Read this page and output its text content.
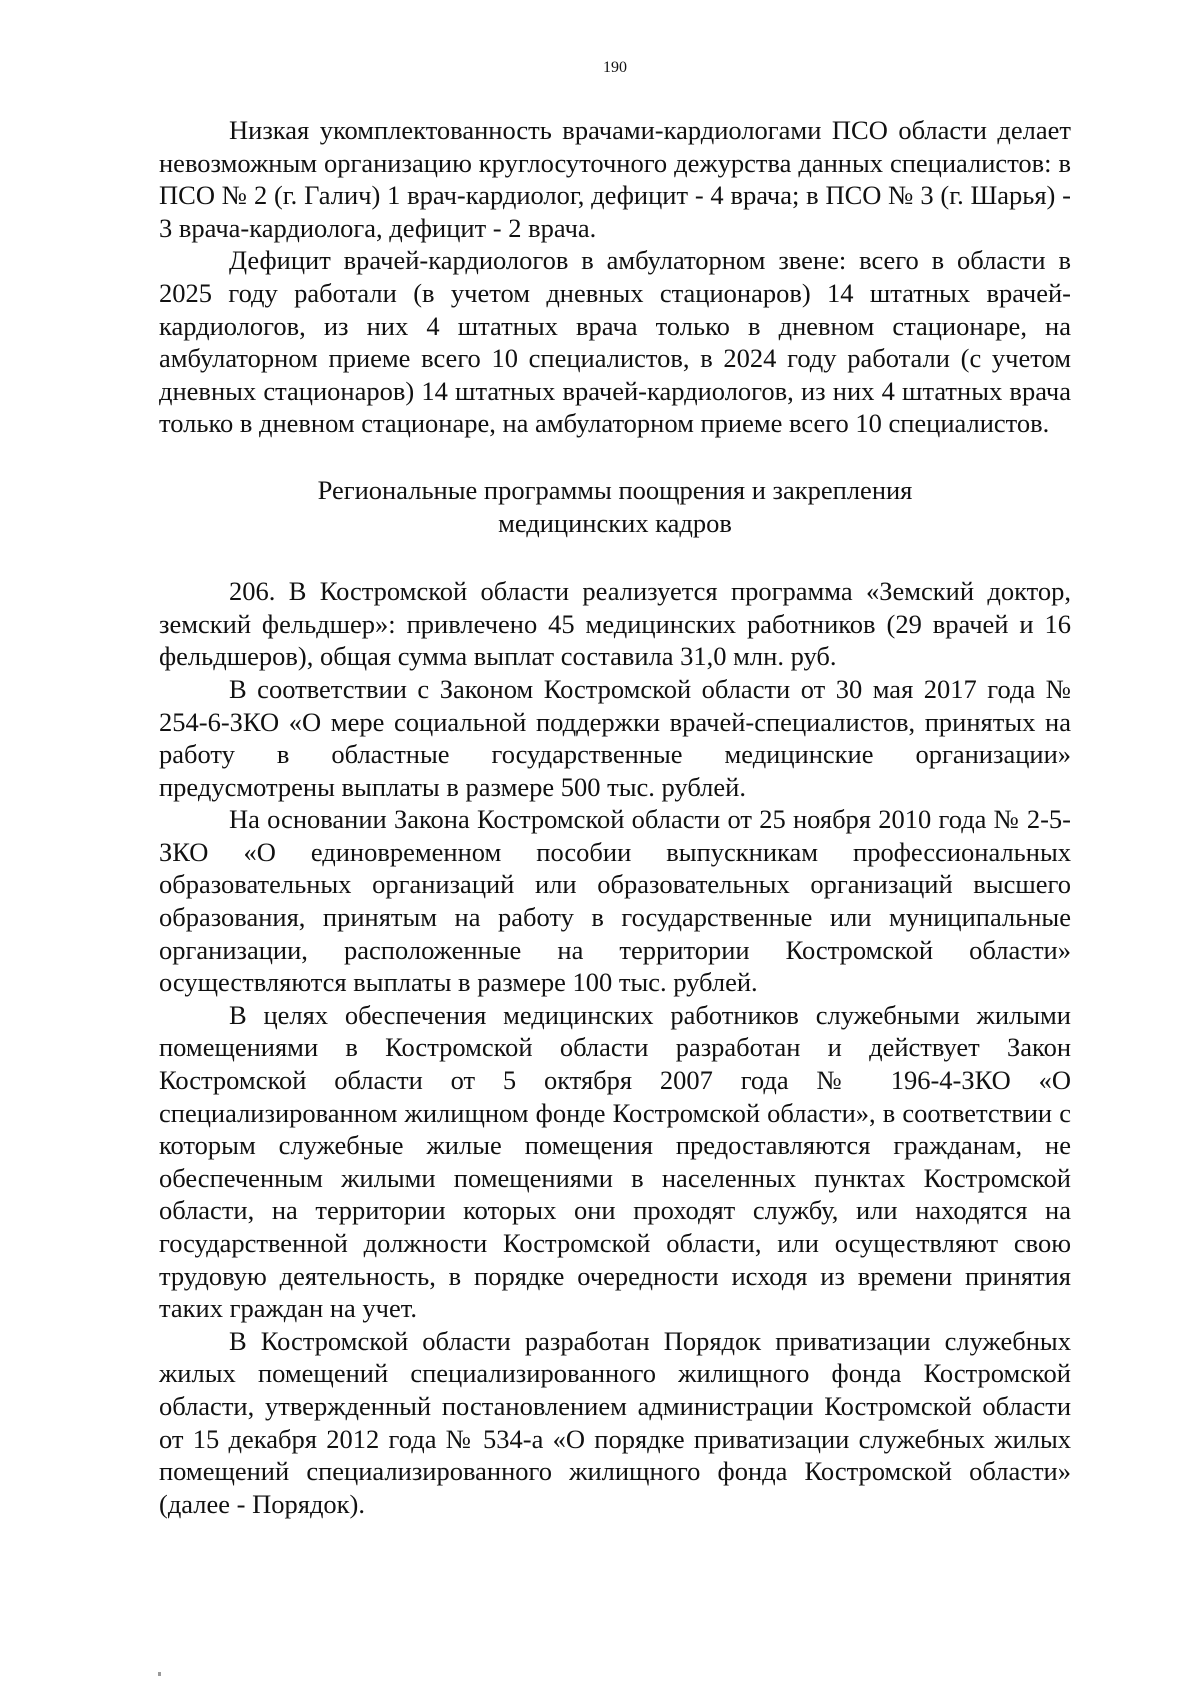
190

Низкая укомплектованность врачами-кардиологами ПСО области делает невозможным организацию круглосуточного дежурства данных специалистов: в ПСО № 2 (г. Галич) 1 врач-кардиолог, дефицит - 4 врача; в ПСО № 3 (г. Шарья) - 3 врача-кардиолога, дефицит - 2 врача.

Дефицит врачей-кардиологов в амбулаторном звене: всего в области в 2025 году работали (в учетом дневных стационаров) 14 штатных врачей-кардиологов, из них 4 штатных врача только в дневном стационаре, на амбулаторном приеме всего 10 специалистов, в 2024 году работали (с учетом дневных стационаров) 14 штатных врачей-кардиологов, из них 4 штатных врача только в дневном стационаре, на амбулаторном приеме всего 10 специалистов.

Региональные программы поощрения и закрепления
медицинских кадров

206. В Костромской области реализуется программа «Земский доктор, земский фельдшер»: привлечено 45 медицинских работников (29 врачей и 16 фельдшеров), общая сумма выплат составила 31,0 млн. руб.

В соответствии с Законом Костромской области от 30 мая 2017 года № 254-6-ЗКО «О мере социальной поддержки врачей-специалистов, принятых на работу в областные государственные медицинские организации» предусмотрены выплаты в размере 500 тыс. рублей.

На основании Закона Костромской области от 25 ноября 2010 года № 2-5-ЗКО «О единовременном пособии выпускникам профессиональных образовательных организаций или образовательных организаций высшего образования, принятым на работу в государственные или муниципальные организации, расположенные на территории Костромской области» осуществляются выплаты в размере 100 тыс. рублей.

В целях обеспечения медицинских работников служебными жилыми помещениями в Костромской области разработан и действует Закон Костромской области от 5 октября 2007 года № 196-4-ЗКО «О специализированном жилищном фонде Костромской области», в соответствии с которым служебные жилые помещения предоставляются гражданам, не обеспеченным жилыми помещениями в населенных пунктах Костромской области, на территории которых они проходят службу, или находятся на государственной должности Костромской области, или осуществляют свою трудовую деятельность, в порядке очередности исходя из времени принятия таких граждан на учет.

В Костромской области разработан Порядок приватизации служебных жилых помещений специализированного жилищного фонда Костромской области, утвержденный постановлением администрации Костромской области от 15 декабря 2012 года № 534-а «О порядке приватизации служебных жилых помещений специализированного жилищного фонда Костромской области» (далее - Порядок).
